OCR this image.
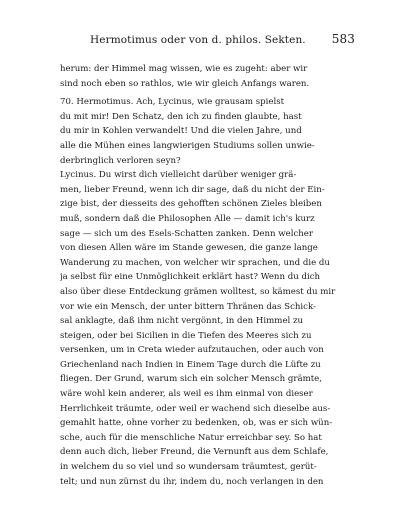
Hermotimus oder von d. philos. Sekten. 583
herum: der Himmel mag wissen, wie es zugeht: aber wir
sind noch eben so rathlos, wie wir gleich Anfangs waren.
70. Hermotimus. Ach, Lycinus, wie grausam spielst
du mit mir! Den Schatz, den ich zu finden glaubte, hast
du mir in Kohlen verwandelt! Und die vielen Jahre, und
alle die Mühen eines langwierigen Studiums sollen unwie-
derbringlich verloren seyn?
Lycinus. Du wirst dich vielleicht darüber weniger grä-
men, lieber Freund, wenn ich dir sage, daß du nicht der Ein-
zige bist, der diesseits des gehofften schönen Zieles bleiben
muß, sondern daß die Philosophen Alle — damit ich's kurz
sage — sich um des Esels-Schatten zanken. Denn welcher
von diesen Allen wäre im Stande gewesen, die ganze lange
Wanderung zu machen, von welcher wir sprachen, und die du
ja selbst für eine Unmöglichkeit erklärt hast? Wenn du dich
also über diese Entdeckung grämen wolltest, so kämest du mir
vor wie ein Mensch, der unter bittern Thränen das Schick-
sal anklagte, daß ihm nicht vergönnt, in den Himmel zu
steigen, oder bei Sicilien in die Tiefen des Meeres sich zu
versenken, um in Creta wieder aufzutauchen, oder auch von
Griechenland nach Indien in Einem Tage durch die Lüfte zu
fliegen. Der Grund, warum sich ein solcher Mensch grämte,
wäre wohl kein anderer, als weil es ihm einmal von dieser
Herrlichkeit träumte, oder weil er wachend sich dieselbe aus-
gemahlt hatte, ohne vorher zu bedenken, ob, was er sich wün-
sche, auch für die menschliche Natur erreichbar sey. So hat
denn auch dich, lieber Freund, die Vernunft aus dem Schlafe,
in welchem du so viel und so wundersam träumtest, gerüt-
telt; und nun zürnst du ihr, indem du, noch verlangen in den
